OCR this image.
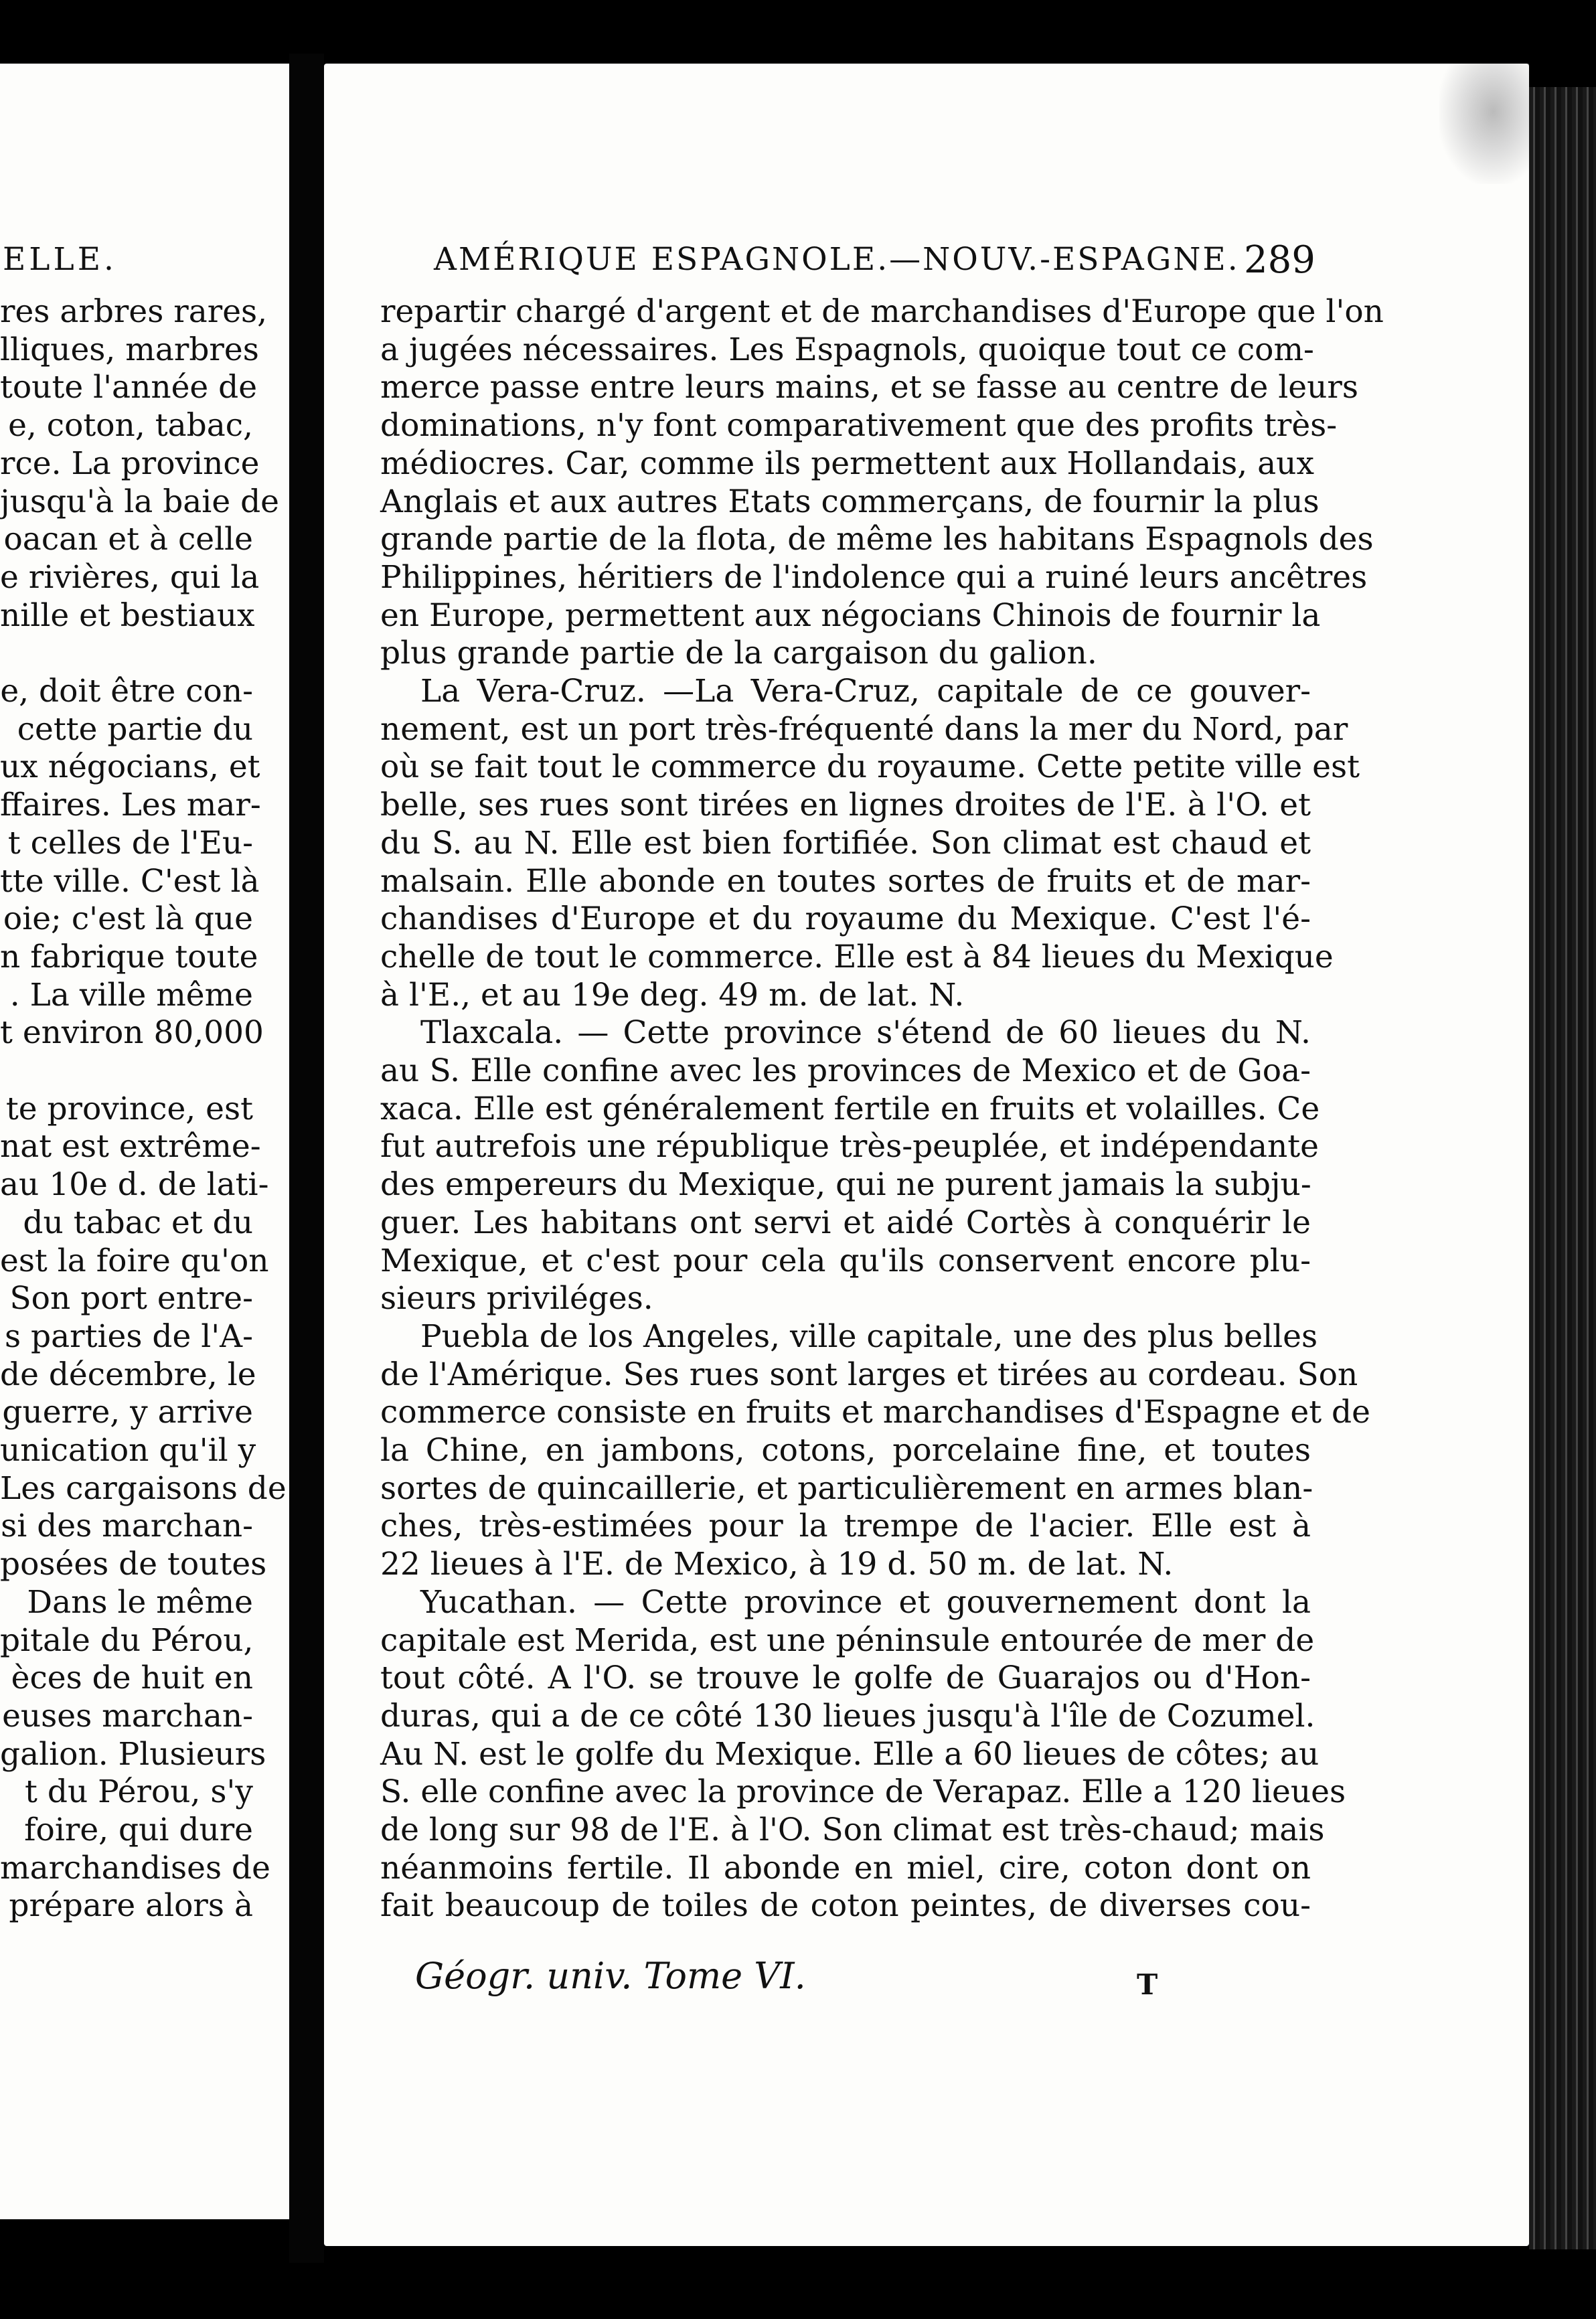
ELLE.	AMÉRIQUE ESPAGNOLE.—NOUV.-ESPAGNE. 289
res arbres rares,
lliques, marbres
toute l'année de
e, coton, tabac,
rce. La province
jusqu'à la baie de
oacan et à celle
e rivières, qui la
nille et bestiaux
e, doit être con-
cette partie du
ux négocians, et
ffaires. Les mar-
t celles de l'Eu-
tte ville. C'est là
oie; c'est là que
n fabrique toute
. La ville même
t environ 80,000
te province, est
nat est extrême-
au 10e d. de lati-
du tabac et du
est la foire qu'on
Son port entre-
s parties de l'A-
de décembre, le
guerre, y arrive
unication qu'il y
Les cargaisons de
si des marchan-
posées de toutes
Dans le même
pitale du Pérou,
èces de huit en
euses marchan-
galion. Plusieurs
t du Pérou, s'y
foire, qui dure
marchandises de
prépare alors à
repartir chargé d'argent et de marchandises d'Europe que l'on
a jugées nécessaires. Les Espagnols, quoique tout ce com-
merce passe entre leurs mains, et se fasse au centre de leurs
dominations, n'y font comparativement que des profits très-
médiocres. Car, comme ils permettent aux Hollandais, aux
Anglais et aux autres Etats commerçans, de fournir la plus
grande partie de la flota, de même les habitans Espagnols des
Philippines, héritiers de l'indolence qui a ruiné leurs ancêtres
en Europe, permettent aux négocians Chinois de fournir la
plus grande partie de la cargaison du galion.
La Vera-Cruz. —La Vera-Cruz, capitale de ce gouver-
nement, est un port très-fréquenté dans la mer du Nord, par
où se fait tout le commerce du royaume. Cette petite ville est
belle, ses rues sont tirées en lignes droites de l'E. à l'O. et
du S. au N. Elle est bien fortifiée. Son climat est chaud et
malsain. Elle abonde en toutes sortes de fruits et de mar-
chandises d'Europe et du royaume du Mexique. C'est l'é-
chelle de tout le commerce. Elle est à 84 lieues du Mexique
à l'E., et au 19e deg. 49 m. de lat. N.
Tlaxcala. — Cette province s'étend de 60 lieues du N.
au S. Elle confine avec les provinces de Mexico et de Goa-
xaca. Elle est généralement fertile en fruits et volailles. Ce
fut autrefois une république très-peuplée, et indépendante
des empereurs du Mexique, qui ne purent jamais la subju-
guer. Les habitans ont servi et aidé Cortès à conquérir le
Mexique, et c'est pour cela qu'ils conservent encore plu-
sieurs priviléges.
Puebla de los Angeles, ville capitale, une des plus belles
de l'Amérique. Ses rues sont larges et tirées au cordeau. Son
commerce consiste en fruits et marchandises d'Espagne et de
la Chine, en jambons, cotons, porcelaine fine, et toutes
sortes de quincaillerie, et particulièrement en armes blan-
ches, très-estimées pour la trempe de l'acier. Elle est à
22 lieues à l'E. de Mexico, à 19 d. 50 m. de lat. N.
Yucathan. — Cette province et gouvernement dont la
capitale est Merida, est une péninsule entourée de mer de
tout côté. A l'O. se trouve le golfe de Guarajos ou d'Hon-
duras, qui a de ce côté 130 lieues jusqu'à l'île de Cozumel.
Au N. est le golfe du Mexique. Elle a 60 lieues de côtes; au
S. elle confine avec la province de Verapaz. Elle a 120 lieues
de long sur 98 de l'E. à l'O. Son climat est très-chaud; mais
néanmoins fertile. Il abonde en miel, cire, coton dont on
fait beaucoup de toiles de coton peintes, de diverses cou-
Géogr. univ. Tome VI.	T
